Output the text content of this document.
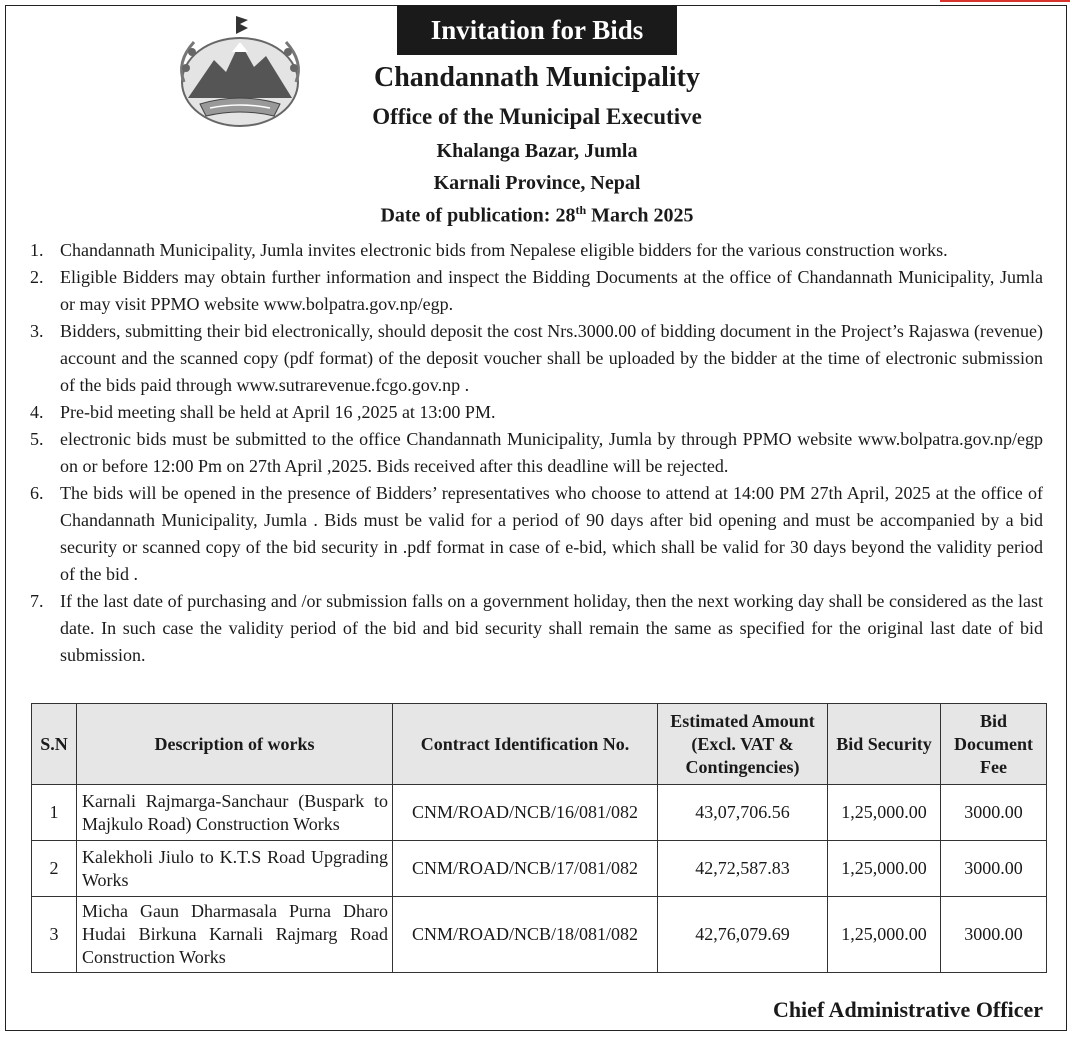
Invitation for Bids
Chandannath Municipality
Office of the Municipal Executive
Khalanga Bazar, Jumla
Karnali Province, Nepal
Date of publication: 28th March 2025
1. Chandannath Municipality, Jumla invites electronic bids from Nepalese eligible bidders for the various construction works.
2. Eligible Bidders may obtain further information and inspect the Bidding Documents at the office of Chandannath Municipality, Jumla or may visit PPMO website www.bolpatra.gov.np/egp.
3. Bidders, submitting their bid electronically, should deposit the cost Nrs.3000.00 of bidding document in the Project’s Rajaswa (revenue) account and the scanned copy (pdf format) of the deposit voucher shall be uploaded by the bidder at the time of electronic submission of the bids paid through www.sutrarevenue.fcgo.gov.np .
4. Pre-bid meeting shall be held at April 16 ,2025 at 13:00 PM.
5. electronic bids must be submitted to the office Chandannath Municipality, Jumla by through PPMO website www.bolpatra.gov.np/egp on or before 12:00 Pm on 27th April ,2025. Bids received after this deadline will be rejected.
6. The bids will be opened in the presence of Bidders’ representatives who choose to attend at 14:00 PM 27th April, 2025 at the office of Chandannath Municipality, Jumla . Bids must be valid for a period of 90 days after bid opening and must be accompanied by a bid security or scanned copy of the bid security in .pdf format in case of e-bid, which shall be valid for 30 days beyond the validity period of the bid .
7. If the last date of purchasing and /or submission falls on a government holiday, then the next working day shall be considered as the last date. In such case the validity period of the bid and bid security shall remain the same as specified for the original last date of bid submission.
S.N	Description of works	Contract Identification No.	Estimated Amount (Excl. VAT & Contingencies)	Bid Security	Bid Document Fee
1	Karnali Rajmarga-Sanchaur (Buspark to Majkulo Road) Construction Works	CNM/ROAD/NCB/16/081/082	43,07,706.56	1,25,000.00	3000.00
2	Kalekholi Jiulo to K.T.S Road Upgrading Works	CNM/ROAD/NCB/17/081/082	42,72,587.83	1,25,000.00	3000.00
3	Micha Gaun Dharmasala Purna Dharo Hudai Birkuna Karnali Rajmarg Road Construction Works	CNM/ROAD/NCB/18/081/082	42,76,079.69	1,25,000.00	3000.00
Chief Administrative Officer
